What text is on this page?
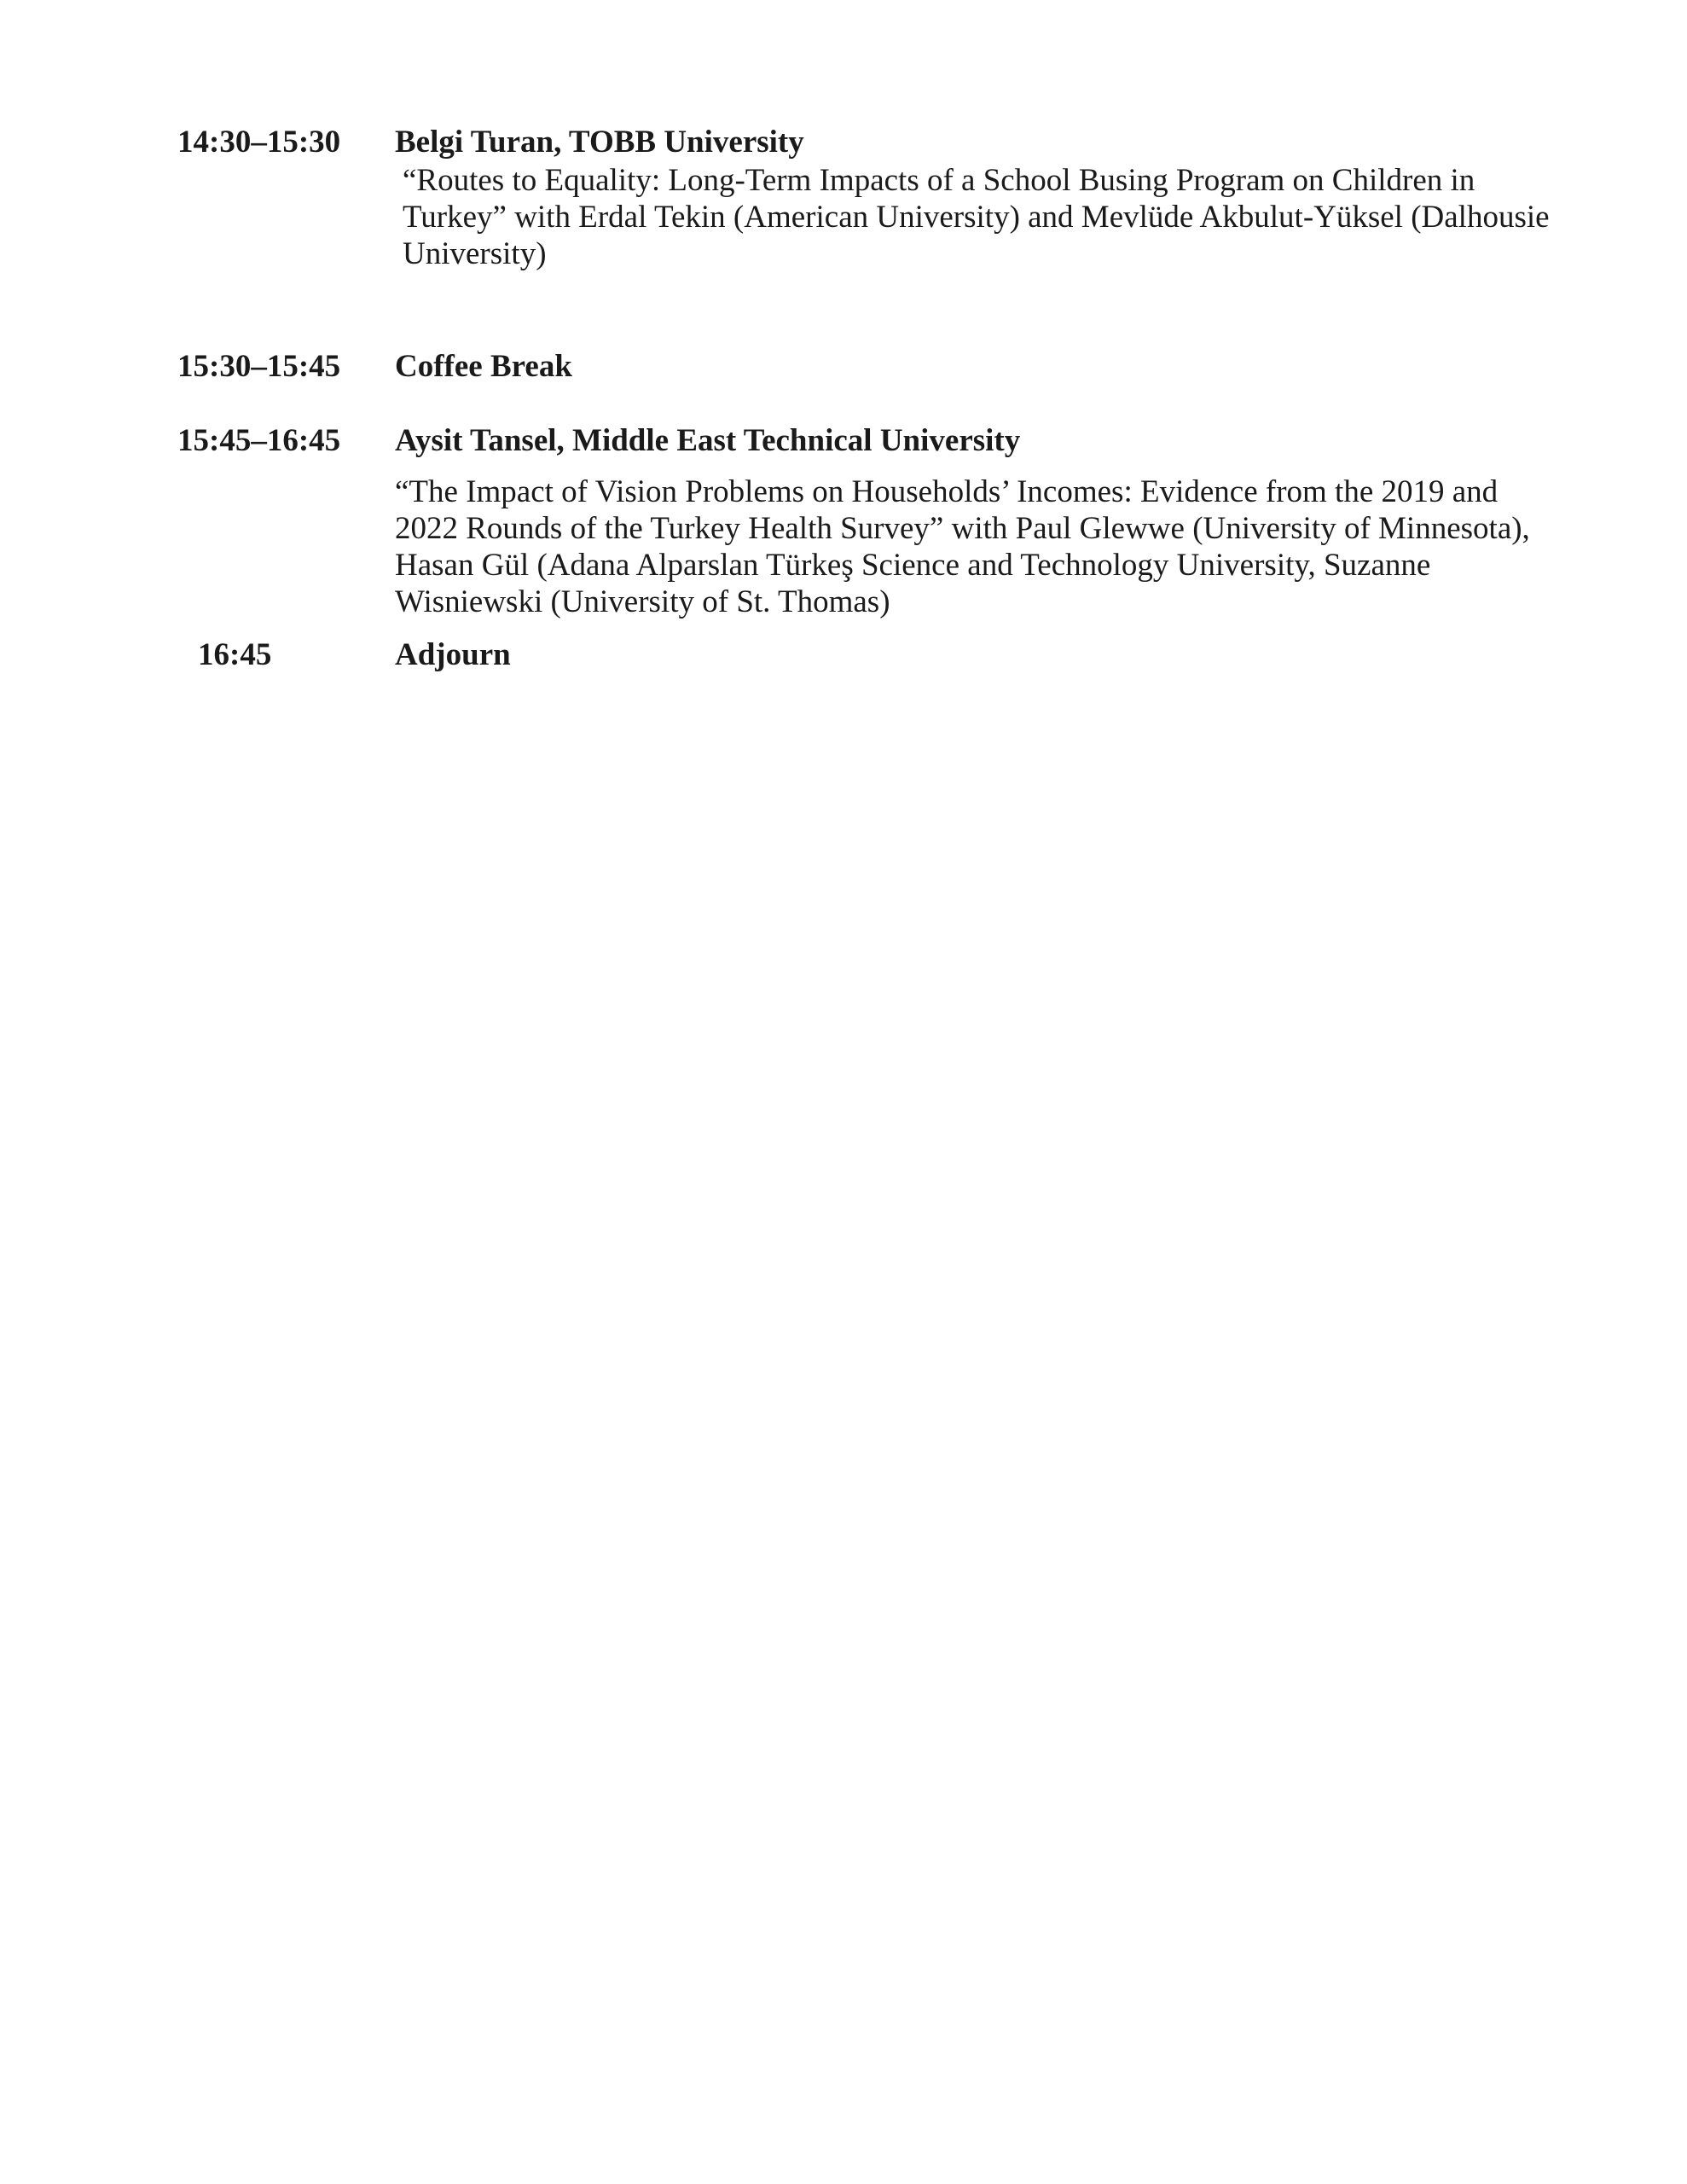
14:30–15:30 Belgi Turan, TOBB University
“Routes to Equality: Long-Term Impacts of a School Busing Program on Children in
Turkey” with Erdal Tekin (American University) and Mevlüde Akbulut-Yüksel (Dalhousie
University)
15:30–15:45 Coffee Break
15:45–16:45 Aysit Tansel, Middle East Technical University
“The Impact of Vision Problems on Households’ Incomes: Evidence from the 2019 and
2022 Rounds of the Turkey Health Survey” with Paul Glewwe (University of Minnesota),
Hasan Gül (Adana Alparslan Türkeş Science and Technology University, Suzanne
Wisniewski (University of St. Thomas)
16:45	Adjourn
